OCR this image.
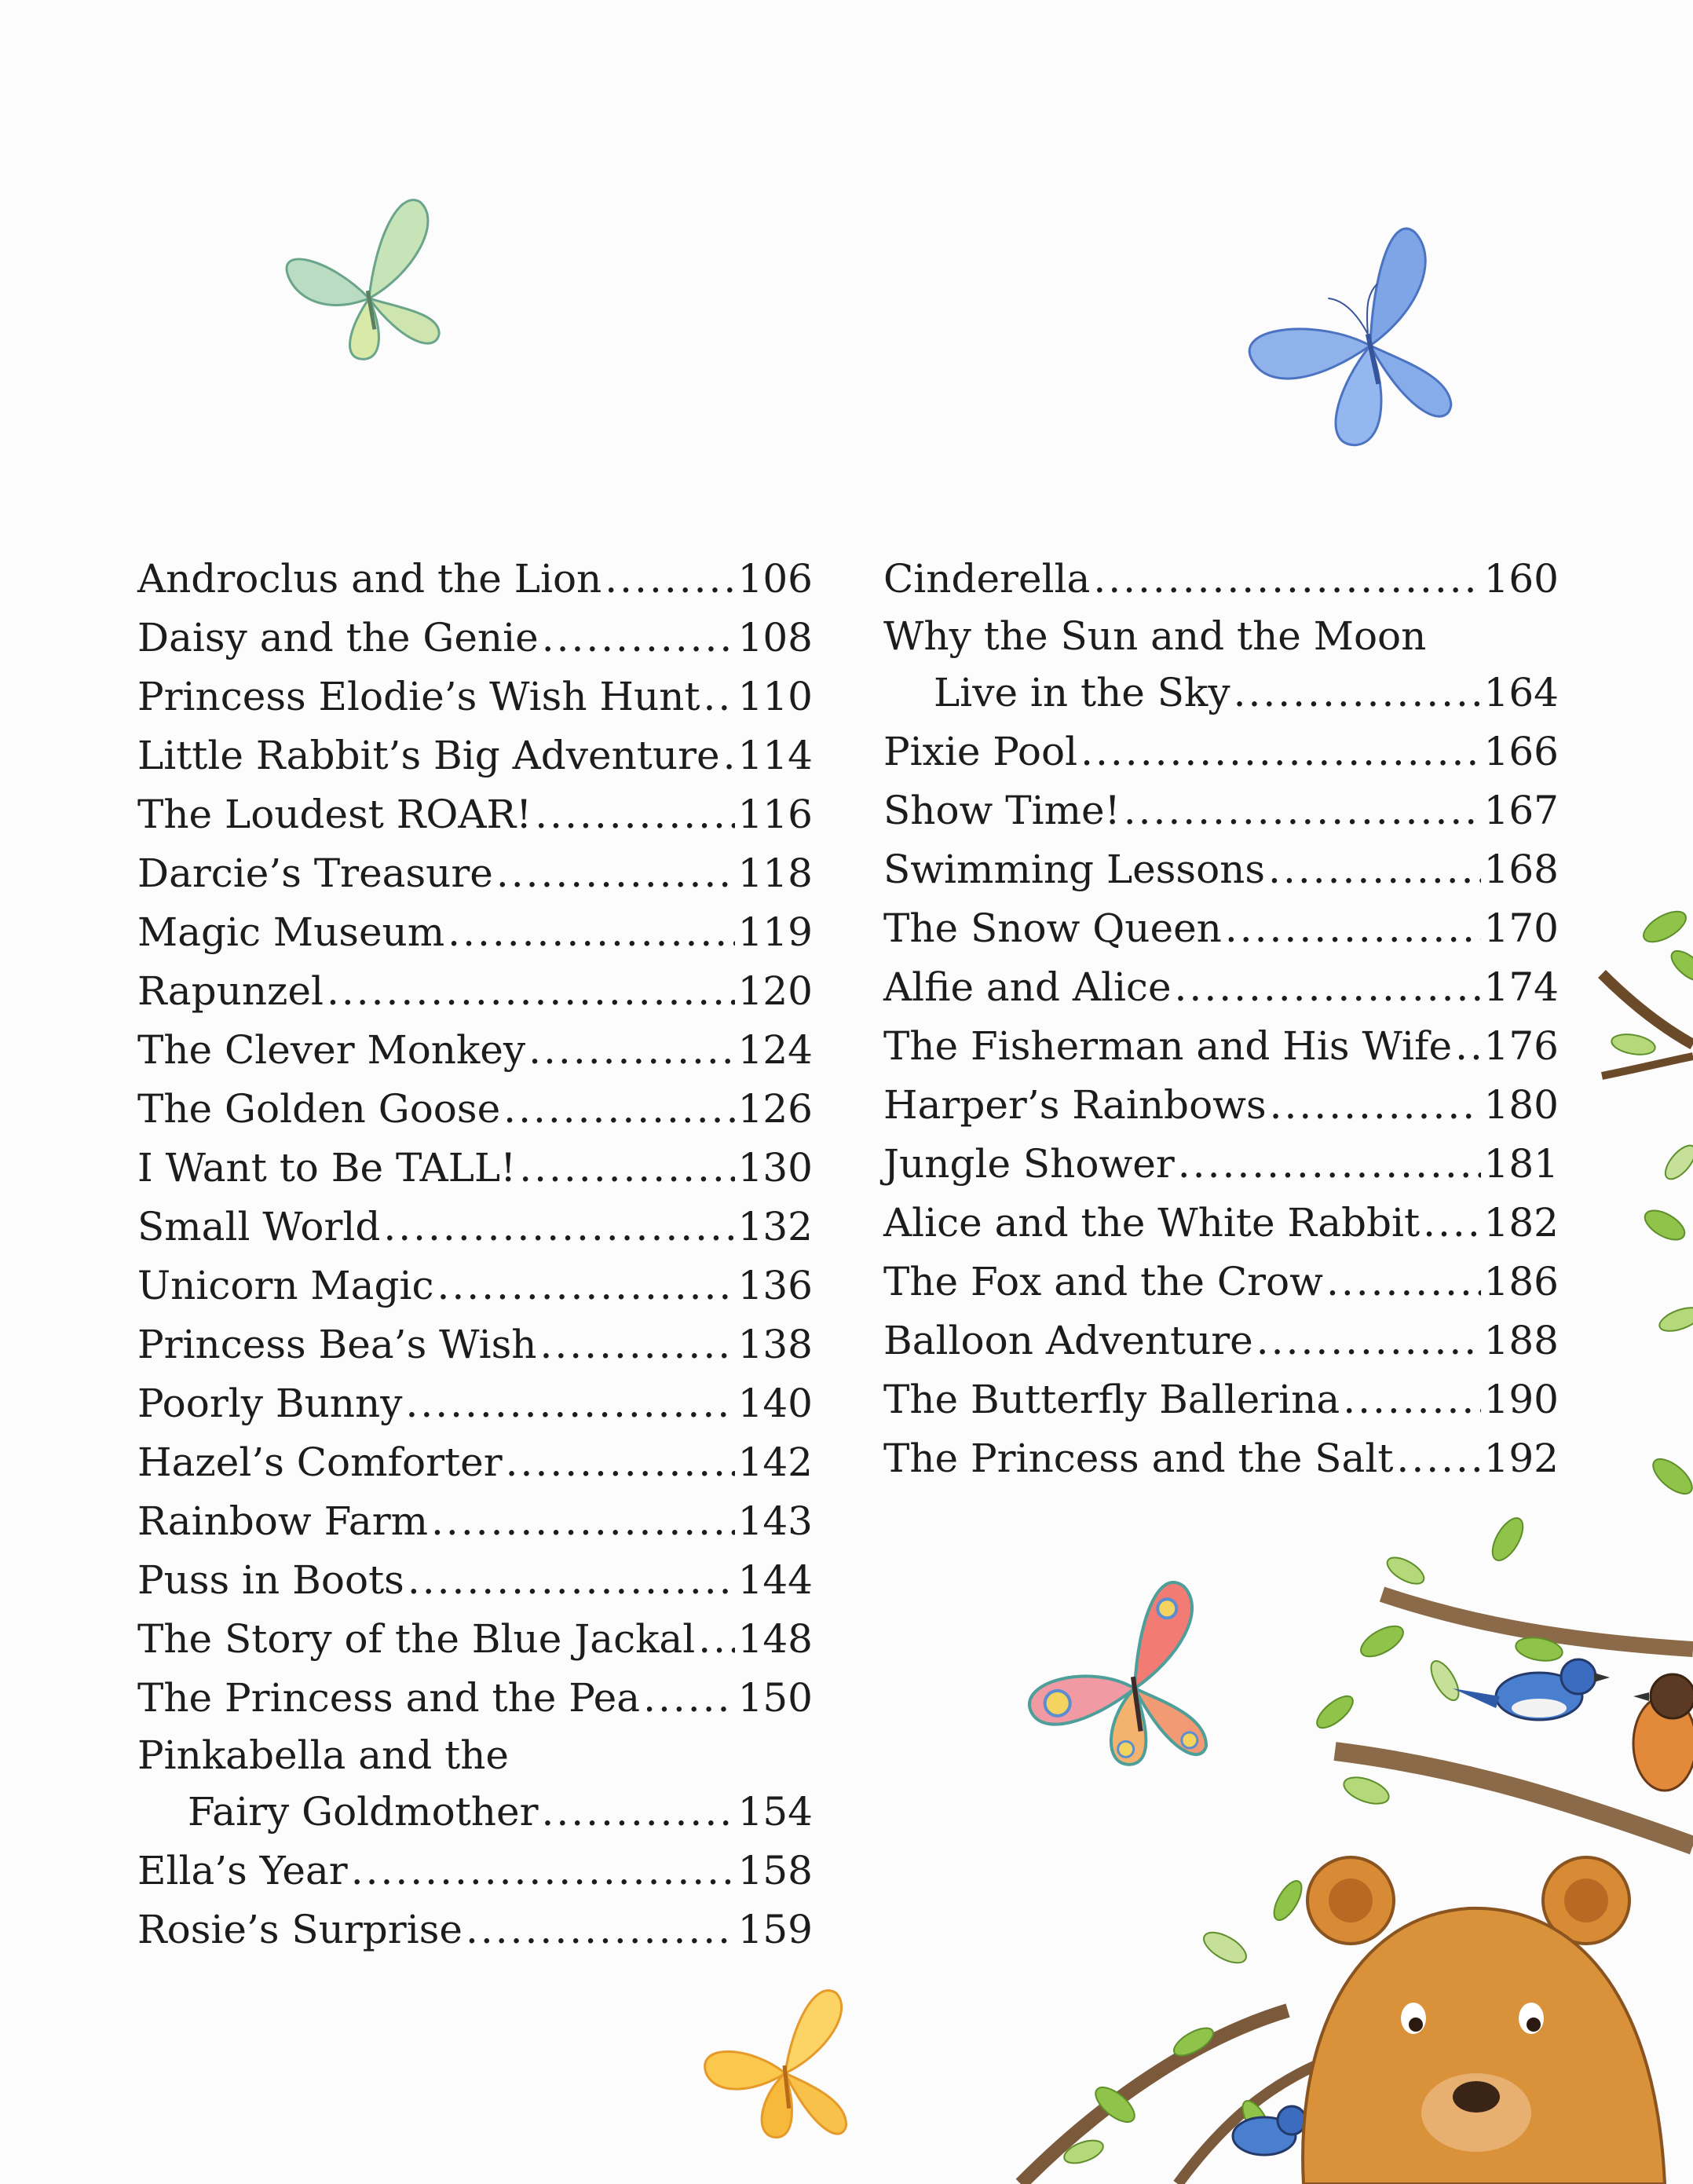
Androclus and the Lion .....	106
Daisy and the Genie .....	108
Princess Elodie’s Wish Hunt ..... 110
Little Rabbit’s Big Adventure ..... 114
The Loudest ROAR! .....	116
Darcie’s Treasure .....	118
Magic Museum .....	119
Rapunzel .....	120
The Clever Monkey .....	124
The Golden Goose .....	126
I Want to Be TALL! .....	130
Small World .....	132
Unicorn Magic .....	136
Princess Bea’s Wish .....	138
Poorly Bunny .....	140
Hazel’s Comforter .....	142
Rainbow Farm .....	143
Puss in Boots .....	144
The Story of the Blue Jackal ..... 148
The Princess and the Pea ..... 150
Pinkabella and the
Fairy Goldmother .....	154
Ella’s Year .....	158
Rosie’s Surprise .....	159
Cinderella .....	160
Why the Sun and the Moon
Live in the Sky .....	164
Pixie Pool .....	166
Show Time! .....	167
Swimming Lessons .....	168
The Snow Queen .....	170
Alfie and Alice .....	174
The Fisherman and His Wife ..... 176
Harper’s Rainbows .....	180
Jungle Shower .....	181
Alice and the White Rabbit ..... 182
The Fox and the Crow .....	186
Balloon Adventure .....	188
The Butterfly Ballerina .....	190
The Princess and the Salt ..... 192
